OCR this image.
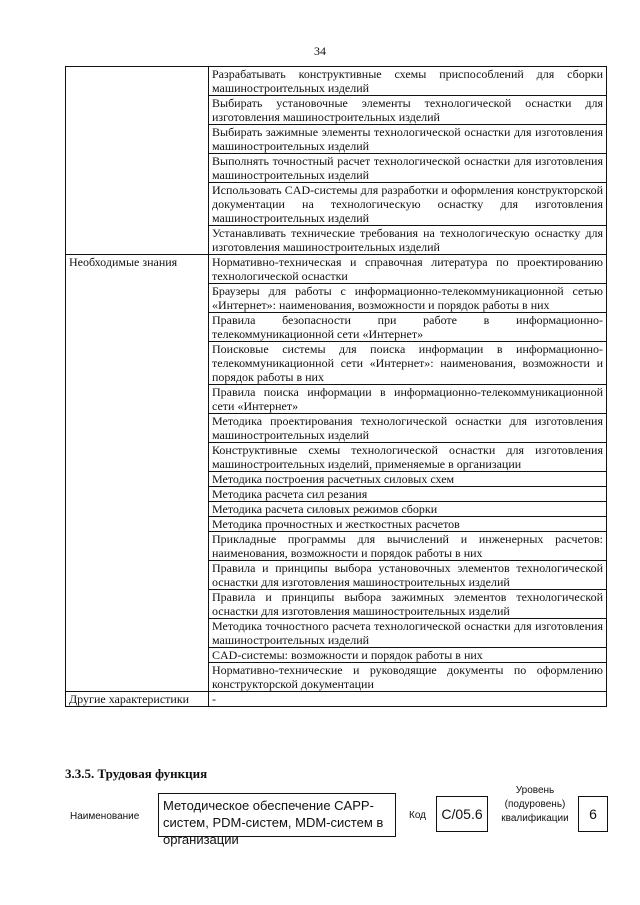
34
	Разрабатывать конструктивные схемы приспособлений для сборки машиностроительных изделий
	Выбирать установочные элементы технологической оснастки для изготовления машиностроительных изделий
	Выбирать зажимные элементы технологической оснастки для изготовления машиностроительных изделий
	Выполнять точностный расчет технологической оснастки для изготовления машиностроительных изделий
	Использовать CAD-системы для разработки и оформления конструкторской документации на технологическую оснастку для изготовления машиностроительных изделий
	Устанавливать технические требования на технологическую оснастку для изготовления машиностроительных изделий
Необходимые знания	Нормативно-техническая и справочная литература по проектированию технологической оснастки
	Браузеры для работы с информационно-телекоммуникационной сетью «Интернет»: наименования, возможности и порядок работы в них
	Правила безопасности при работе в информационно-телекоммуникационной сети «Интернет»
	Поисковые системы для поиска информации в информационно-телекоммуникационной сети «Интернет»: наименования, возможности и порядок работы в них
	Правила поиска информации в информационно-телекоммуникационной сети «Интернет»
	Методика проектирования технологической оснастки для изготовления машиностроительных изделий
	Конструктивные схемы технологической оснастки для изготовления машиностроительных изделий, применяемые в организации
	Методика построения расчетных силовых схем
	Методика расчета сил резания
	Методика расчета силовых режимов сборки
	Методика прочностных и жесткостных расчетов
	Прикладные программы для вычислений и инженерных расчетов: наименования, возможности и порядок работы в них
	Правила и принципы выбора установочных элементов технологической оснастки для изготовления машиностроительных изделий
	Правила и принципы выбора зажимных элементов технологической оснастки для изготовления машиностроительных изделий
	Методика точностного расчета технологической оснастки для изготовления машиностроительных изделий
	CAD-системы: возможности и порядок работы в них
	Нормативно-технические и руководящие документы по оформлению конструкторской документации
Другие характеристики	-
3.3.5. Трудовая функция
Наименование
Методическое обеспечение CAPP-систем, PDM-систем, MDM-систем в организации
Код	C/05.6
Уровень
(подуровень)
квалификации	6
